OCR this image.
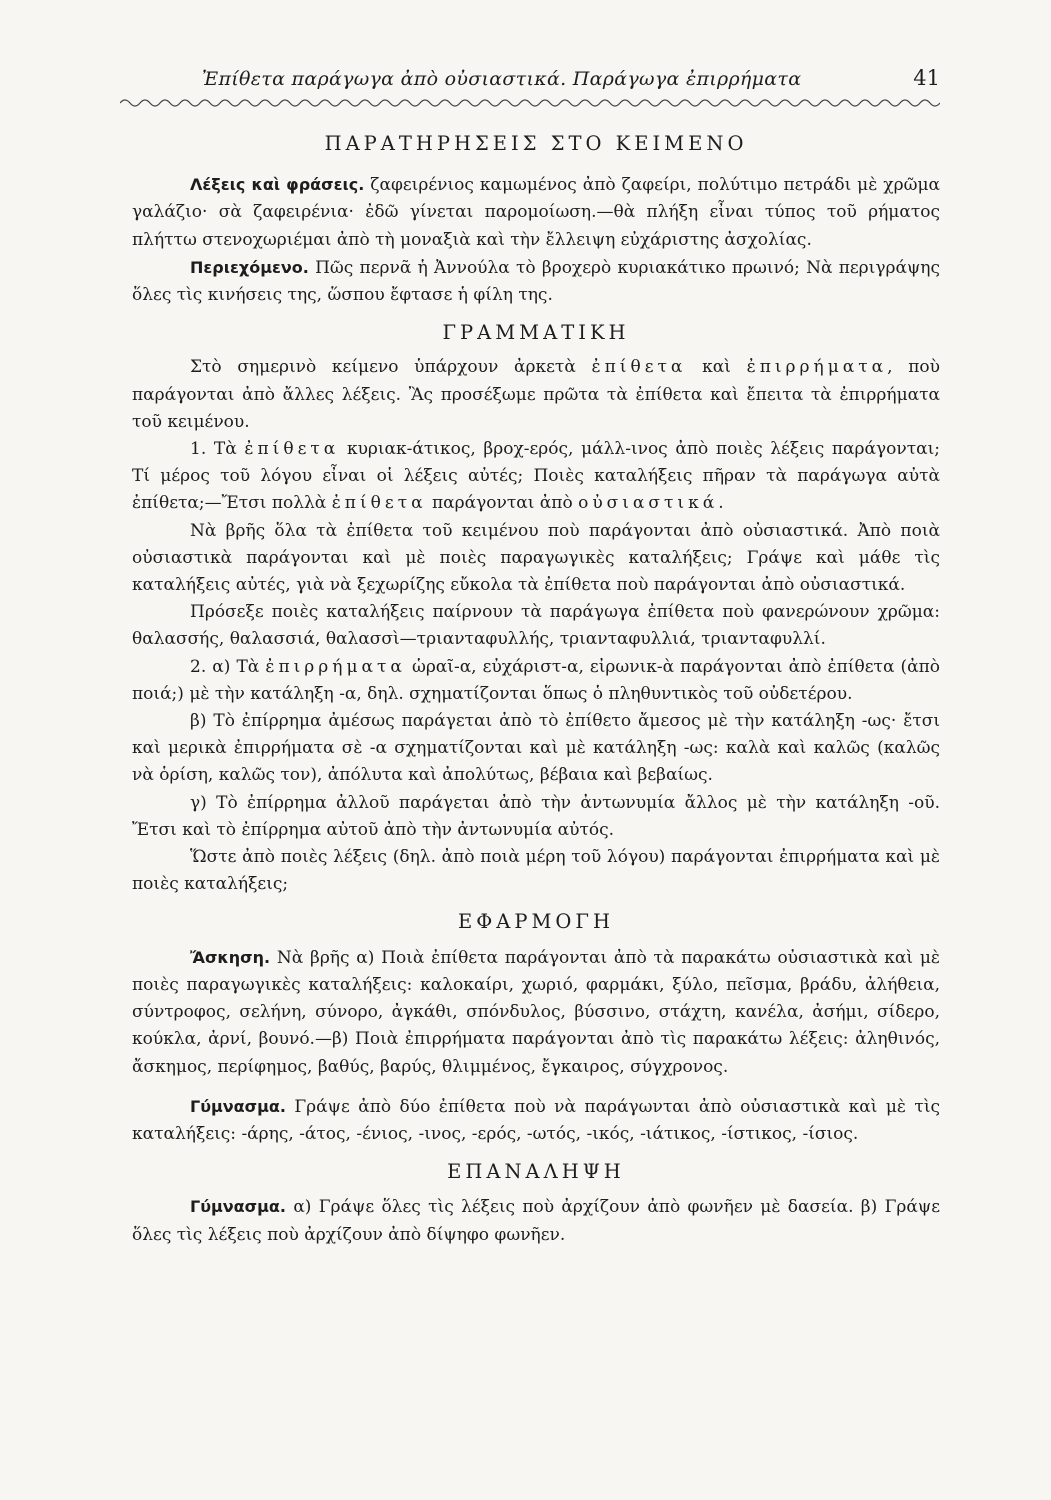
Ἐπίθετα παράγωγα ἀπὸ οὐσιαστικά. Παράγωγα ἐπιρρήματα	41
ΠΑΡΑΤΗΡΗΣΕΙΣ ΣΤΟ ΚΕΙΜΕΝΟ

Λέξεις καὶ φράσεις. ζαφειρένιος καμωμένος ἀπὸ ζαφείρι, πολύτιμο πετράδι μὲ χρῶμα γαλάζιο· σὰ ζαφειρένια· ἐδῶ γίνεται παρομοίωση.—θὰ πλήξη εἶναι τύπος τοῦ ρήματος πλήττω στενοχωριέμαι ἀπὸ τὴ μοναξιὰ καὶ τὴν ἔλλειψη εὐχάριστης ἀσχολίας.

Περιεχόμενο. Πῶς περνᾶ ἡ Ἀννούλα τὸ βροχερὸ κυριακάτικο πρωινό; Νὰ περιγράψης ὅλες τὶς κινήσεις της, ὥσπου ἔφτασε ἡ φίλη της.

ΓΡΑΜΜΑΤΙΚΗ

Στὸ σημερινὸ κείμενο ὑπάρχουν ἀρκετὰ ἐπίθετα καὶ ἐπιρρήματα, ποὺ παράγονται ἀπὸ ἄλλες λέξεις. Ἂς προσέξωμε πρῶτα τὰ ἐπίθετα καὶ ἔπειτα τὰ ἐπιρρήματα τοῦ κειμένου.

1. Τὰ ἐπίθετα κυριακ-άτικος, βροχ-ερός, μάλλ-ινος ἀπὸ ποιὲς λέξεις παράγονται; Τί μέρος τοῦ λόγου εἶναι οἱ λέξεις αὐτές; Ποιὲς καταλήξεις πῆραν τὰ παράγωγα αὐτὰ ἐπίθετα;—Ἔτσι πολλὰ ἐπίθετα παράγονται ἀπὸ οὐσιαστικά.

Νὰ βρῆς ὅλα τὰ ἐπίθετα τοῦ κειμένου ποὺ παράγονται ἀπὸ οὐσιαστικά. Ἀπὸ ποιὰ οὐσιαστικὰ παράγονται καὶ μὲ ποιὲς παραγωγικὲς καταλήξεις; Γράψε καὶ μάθε τὶς καταλήξεις αὐτές, γιὰ νὰ ξεχωρίζης εὔκολα τὰ ἐπίθετα ποὺ παράγονται ἀπὸ οὐσιαστικά.

Πρόσεξε ποιὲς καταλήξεις παίρνουν τὰ παράγωγα ἐπίθετα ποὺ φανερώνουν χρῶμα: θαλασσής, θαλασσιά, θαλασσὶ—τριανταφυλλής, τριανταφυλλιά, τριανταφυλλί.

2. α) Τὰ ἐπιρρήματα ὡραῖ-α, εὐχάριστ-α, εἰρωνικ-ὰ παράγονται ἀπὸ ἐπίθετα (ἀπὸ ποιά;) μὲ τὴν κατάληξη -α, δηλ. σχηματίζονται ὅπως ὁ πληθυντικὸς τοῦ οὐδετέρου.

β) Τὸ ἐπίρρημα ἀμέσως παράγεται ἀπὸ τὸ ἐπίθετο ἄμεσος μὲ τὴν κατάληξη -ως· ἔτσι καὶ μερικὰ ἐπιρρήματα σὲ -α σχηματίζονται καὶ μὲ κατάληξη -ως: καλὰ καὶ καλῶς (καλῶς νὰ ὁρίση, καλῶς τον), ἀπόλυτα καὶ ἀπολύτως, βέβαια καὶ βεβαίως.

γ) Τὸ ἐπίρρημα ἀλλοῦ παράγεται ἀπὸ τὴν ἀντωνυμία ἄλλος μὲ τὴν κατάληξη -οῦ. Ἔτσι καὶ τὸ ἐπίρρημα αὐτοῦ ἀπὸ τὴν ἀντωνυμία αὐτός.

Ὥστε ἀπὸ ποιὲς λέξεις (δηλ. ἀπὸ ποιὰ μέρη τοῦ λόγου) παράγονται ἐπιρρήματα καὶ μὲ ποιὲς καταλήξεις;

ΕΦΑΡΜΟΓΗ

Ἄσκηση. Νὰ βρῆς α) Ποιὰ ἐπίθετα παράγονται ἀπὸ τὰ παρακάτω οὐσιαστικὰ καὶ μὲ ποιὲς παραγωγικὲς καταλήξεις: καλοκαίρι, χωριό, φαρμάκι, ξύλο, πεῖσμα, βράδυ, ἀλήθεια, σύντροφος, σελήνη, σύνορο, ἀγκάθι, σπόνδυλος, βύσσινο, στάχτη, κανέλα, ἀσήμι, σίδερο, κούκλα, ἀρνί, βουνό.—β) Ποιὰ ἐπιρρήματα παράγονται ἀπὸ τὶς παρακάτω λέξεις: ἀληθινός, ἄσκημος, περίφημος, βαθύς, βαρύς, θλιμμένος, ἔγκαιρος, σύγχρονος.

Γύμνασμα. Γράψε ἀπὸ δύο ἐπίθετα ποὺ νὰ παράγωνται ἀπὸ οὐσιαστικὰ καὶ μὲ τὶς καταλήξεις: -άρης, -άτος, -ένιος, -ινος, -ερός, -ωτός, -ικός, -ιάτικος, -ίστικος, -ίσιος.

ΕΠΑΝΑΛΗΨΗ

Γύμνασμα. α) Γράψε ὅλες τὶς λέξεις ποὺ ἀρχίζουν ἀπὸ φωνῆεν μὲ δασεία. β) Γράψε ὅλες τὶς λέξεις ποὺ ἀρχίζουν ἀπὸ δίψηφο φωνῆεν.
